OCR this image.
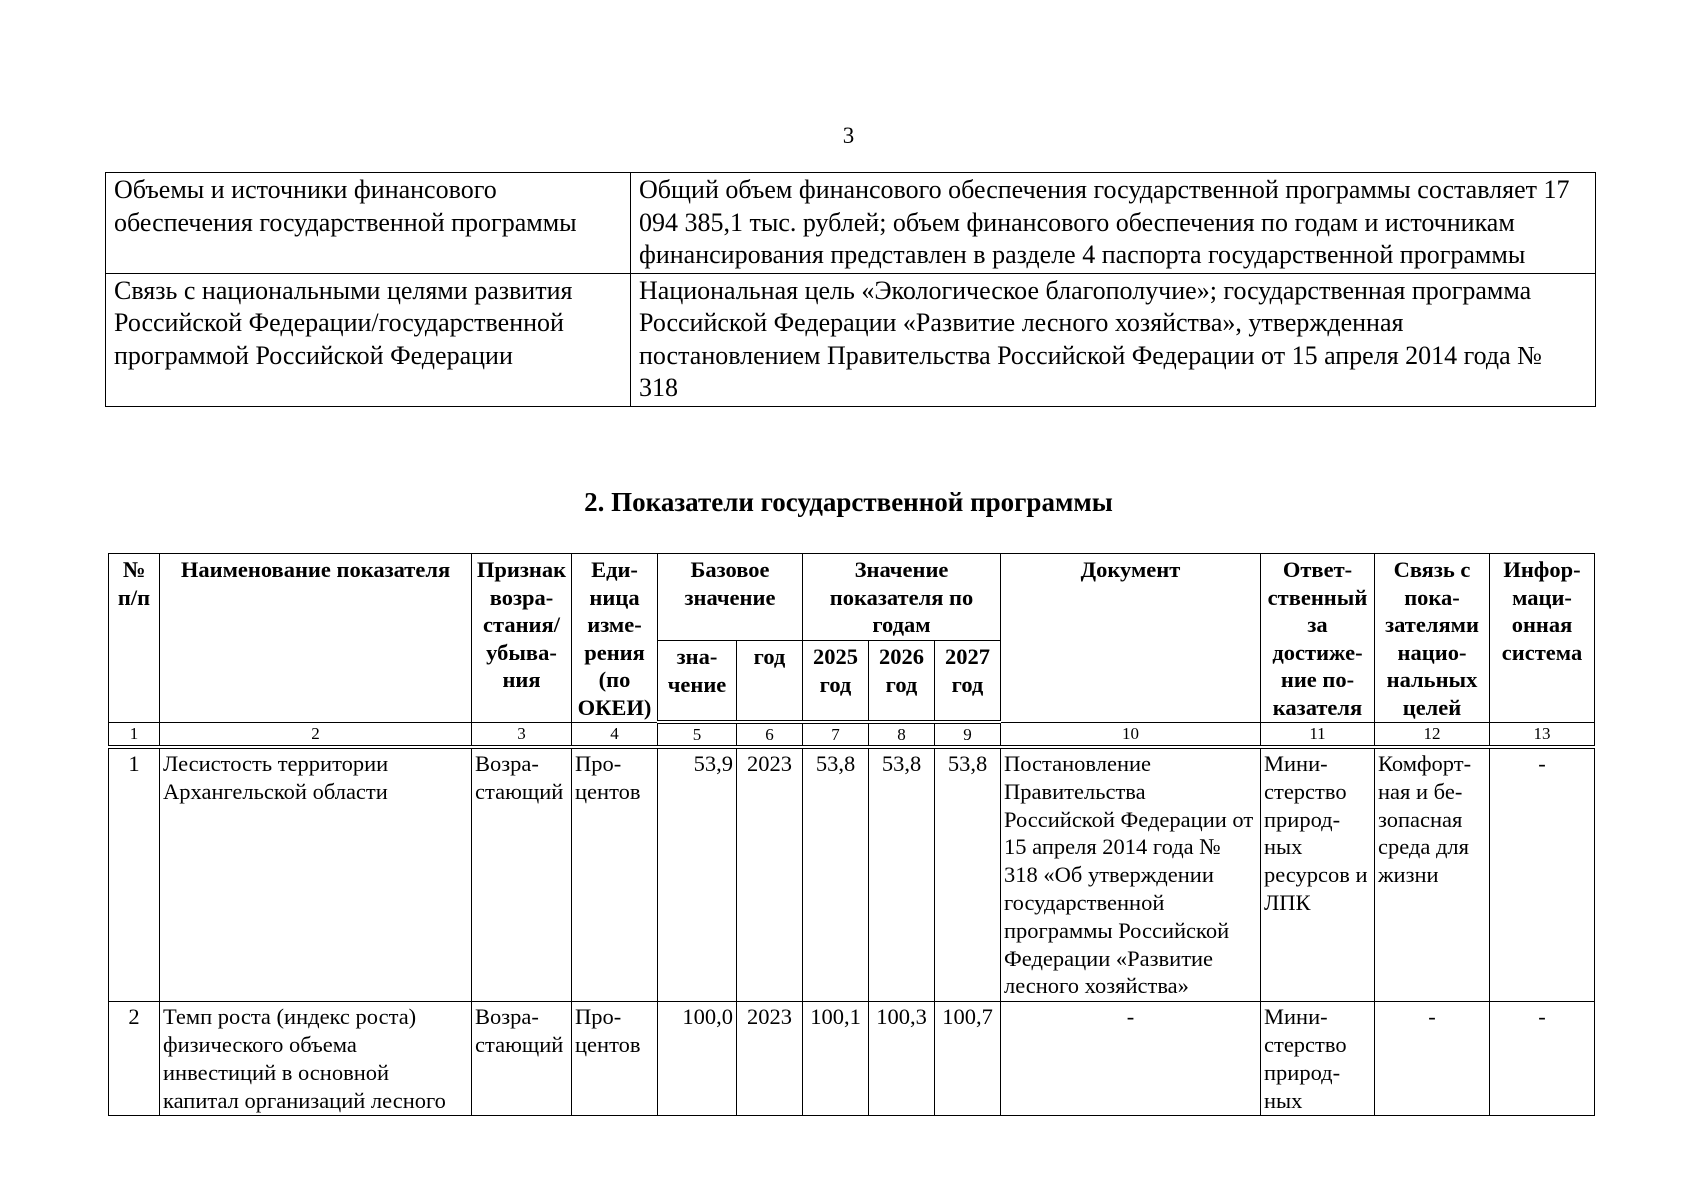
3
Объемы и источники финансового обеспечения государственной программы	Общий объем финансового обеспечения государственной программы составляет 17 094 385,1 тыс. рублей; объем финансового обеспечения по годам и источникам финансирования представлен в разделе 4 паспорта государственной программы
Связь с национальными целями развития Российской Федерации/государственной программой Российской Федерации	Национальная цель «Экологическое благополучие»; государственная программа Российской Федерации «Развитие лесного хозяйства», утвержденная постановлением Правительства Российской Федерации от 15 апреля 2014 года № 318
2. Показатели государственной программы
№ п/п	Наименование показателя	Признак возрастания/ убывания	Единица измерения (по ОКЕИ)	Базовое значение		Значение показателя по годам			Документ	Ответственный за достижение показателя	Связь с показателями национальных целей	Информационная система
				значение	год	2025 год	2026 год	2027 год				
1	2	3	4	5	6	7	8	9	10	11	12	13
1	Лесистость территории Архангельской области	Возрастающий	Процентов	53,9	2023	53,8	53,8	53,8	Постановление Правительства Российской Федерации от 15 апреля 2014 года № 318 «Об утверждении государственной программы Российской Федерации «Развитие лесного хозяйства»	Министерство природных ресурсов и ЛПК	Комфортная и безопасная среда для жизни	-
2	Темп роста (индекс роста) физического объема инвестиций в основной капитал организаций лесного	Возрастающий	Процентов	100,0	2023	100,1	100,3	100,7	-	Министерство природных	-	-
